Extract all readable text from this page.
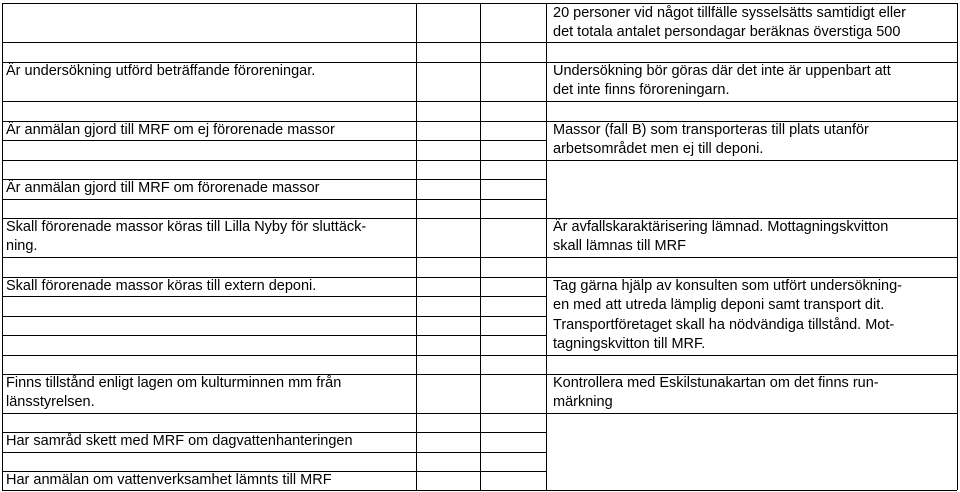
Är undersökning utförd beträffande föroreningar.
Är anmälan gjord till MRF om ej förorenade massor
Är anmälan gjord till MRF om förorenade massor
Skall förorenade massor köras till Lilla Nyby för sluttäck-
ning.
Skall förorenade massor köras till extern deponi.
Finns tillstånd enligt lagen om kulturminnen mm från
länsstyrelsen.
Har samråd skett med MRF om dagvattenhanteringen
Har anmälan om vattenverksamhet lämnts till MRF
20 personer vid något tillfälle sysselsätts samtidigt eller
det totala antalet persondagar beräknas överstiga 500
Undersökning bör göras där det inte är uppenbart att
det inte finns föroreningarn.
Massor (fall B) som transporteras till plats utanför
arbetsområdet men ej till deponi.
Är avfallskaraktärisering lämnad. Mottagningskvitton
skall lämnas till MRF
Tag gärna hjälp av konsulten som utfört undersökning-
en med att utreda lämplig deponi samt transport dit.
Transportföretaget skall ha nödvändiga tillstånd. Mot-
tagningskvitton till MRF.
Kontrollera med Eskilstunakartan om det finns run-
märkning
